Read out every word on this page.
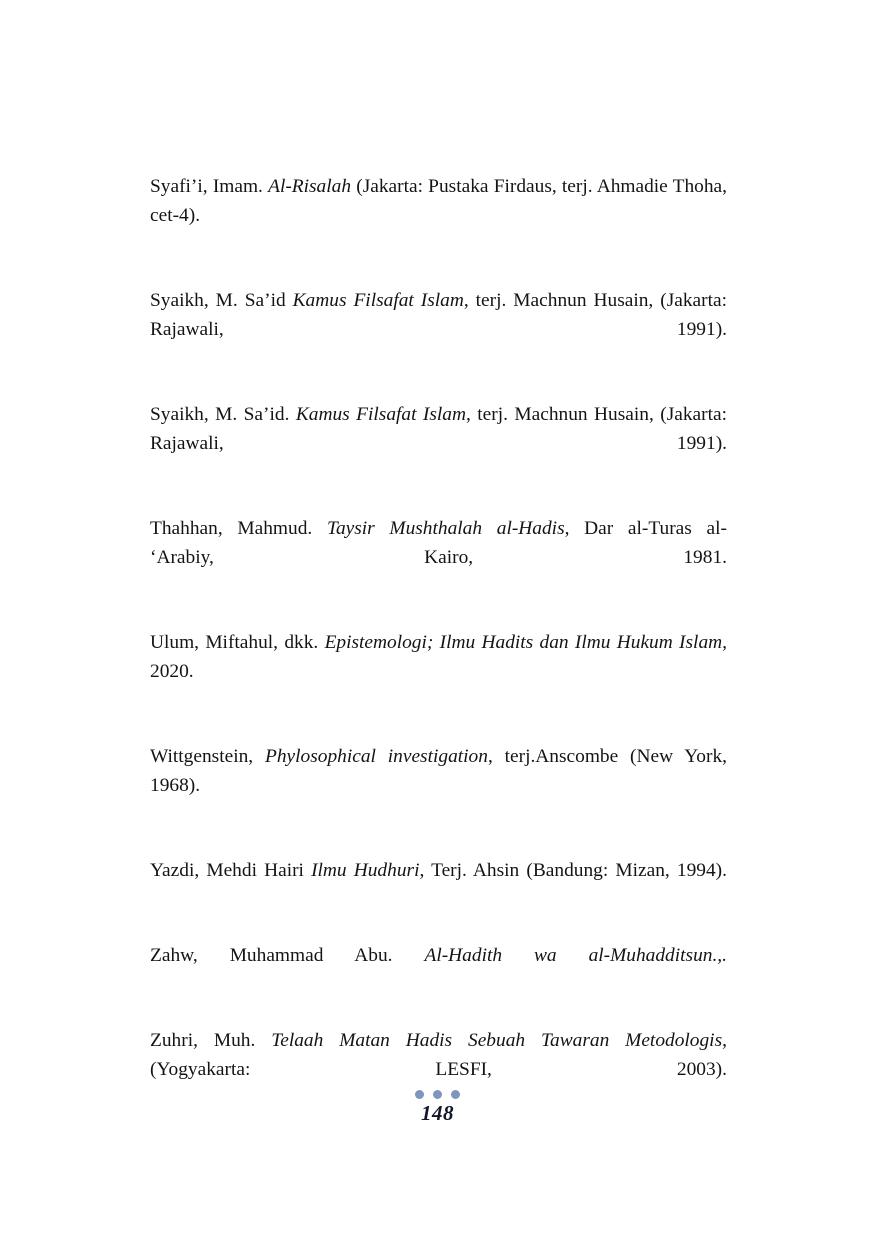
Syafi’i, Imam. Al-Risalah (Jakarta: Pustaka Firdaus, terj. Ahmadie Thoha, cet-4).

Syaikh, M. Sa’id Kamus Filsafat Islam, terj. Machnun Husain, (Jakarta: Rajawali, 1991).

Syaikh, M. Sa’id. Kamus Filsafat Islam, terj. Machnun Husain, (Jakarta: Rajawali, 1991).

Thahhan, Mahmud. Taysir Mushthalah al-Hadis, Dar al-Turas al- ‘Arabiy, Kairo, 1981.

Ulum, Miftahul, dkk. Epistemologi; Ilmu Hadits dan Ilmu Hukum Islam, 2020.

Wittgenstein, Phylosophical investigation, terj.Anscombe (New York, 1968).

Yazdi, Mehdi Hairi Ilmu Hudhuri, Terj. Ahsin (Bandung: Mizan, 1994).

Zahw, Muhammad Abu. Al-Hadith wa al-Muhadditsun.,.

Zuhri, Muh. Telaah Matan Hadis Sebuah Tawaran Metodologis, (Yogyakarta: LESFI, 2003).

148
